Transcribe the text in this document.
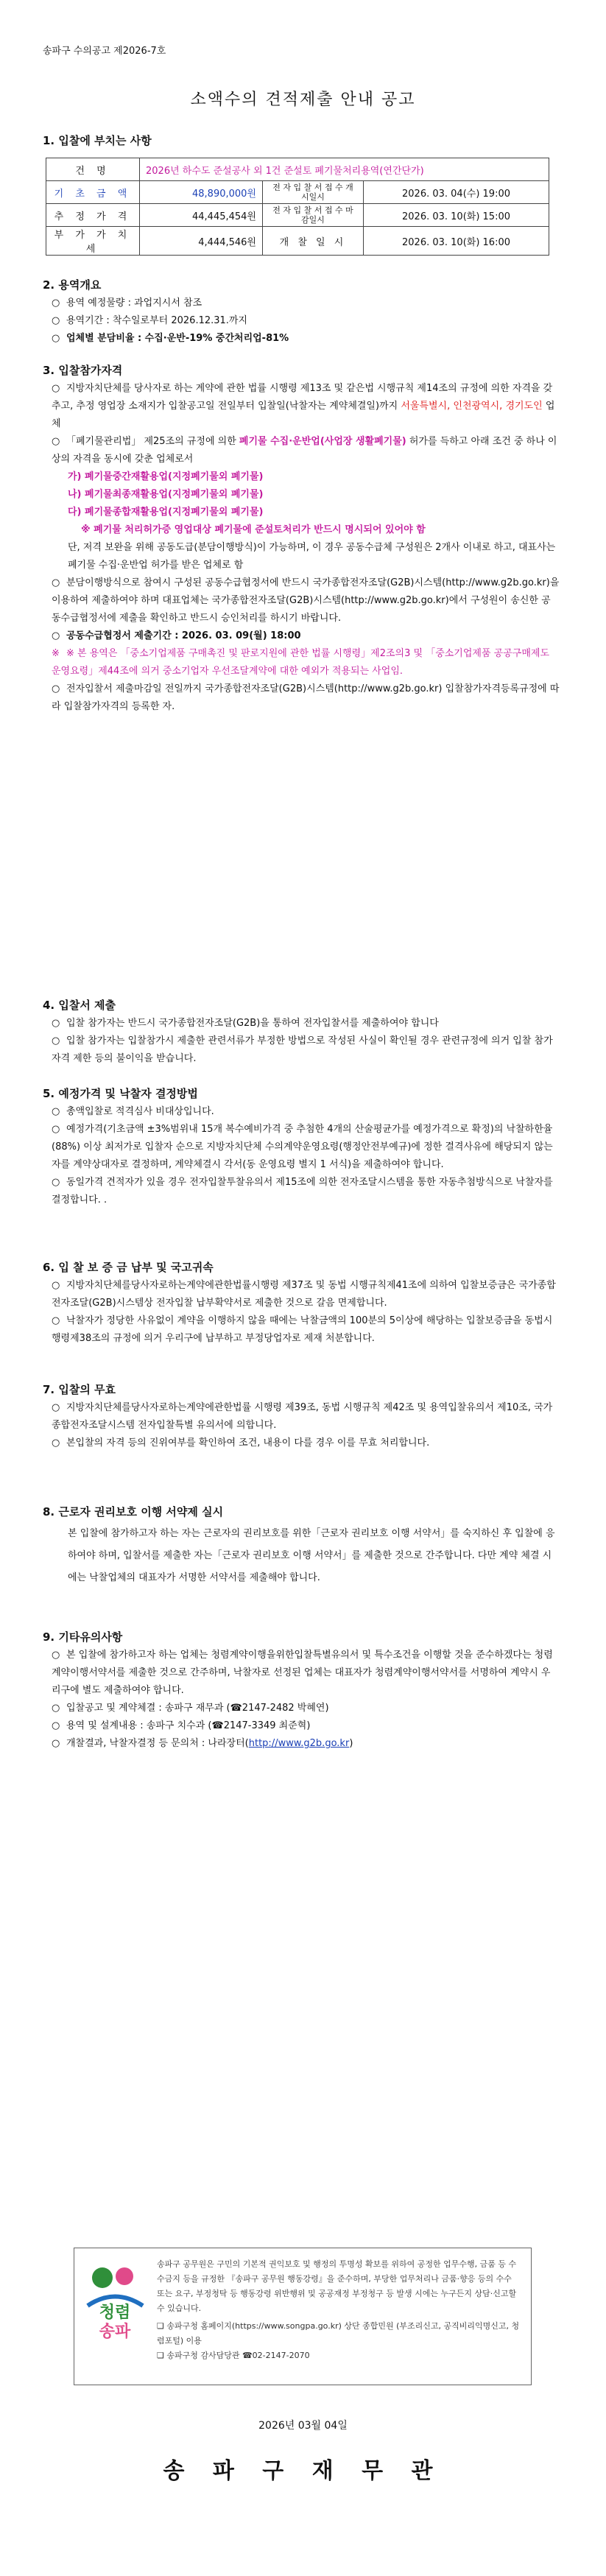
송파구 수의공고 제2026-7호
소액수의 견적제출 안내 공고
1. 입찰에 부치는 사항
건 명	2026년 하수도 준설공사 외 1건 준설토 폐기물처리용역(연간단가)		
기 초 금 액	48,890,000원	전 자 입 찰 서 접 수 개시일시	2026. 03. 04(수) 19:00
추 정 가 격	44,445,454원	전 자 입 찰 서 접 수 마감일시	2026. 03. 10(화) 15:00
부 가 가 치 세	4,444,546원	개 찰 일 시	2026. 03. 10(화) 16:00
2. 용역개요
○ 용역 예정물량 : 과업지시서 참조
○ 용역기간 : 착수일로부터 2026.12.31.까지
○ 업체별 분담비율 : 수집·운반-19% 중간처리업-81%
3. 입찰참가자격
○ 지방자치단체를 당사자로 하는 계약에 관한 법률 시행령 제13조 및 같은법 시행규칙 제14조의 규정에 의한 자격을 갖추고, 추정 영업장 소재지가 입찰공고일 전일부터 입찰일(낙찰자는 계약체결일)까지 서울특별시, 인천광역시, 경기도인 업체
○ 「폐기물관리법」 제25조의 규정에 의한 폐기물 수집·운반업(사업장 생활폐기물) 허가를 득하고 아래 조건 중 하나 이상의 자격을 동시에 갖춘 업체로서
가) 폐기물중간재활용업(지정폐기물외 폐기물)
나) 폐기물최종재활용업(지정폐기물외 폐기물)
다) 폐기물종합재활용업(지정폐기물외 폐기물)
※ 폐기물 처리허가증 영업대상 폐기물에 준설토처리가 반드시 명시되어 있어야 함
단, 저격 보완을 위해 공동도급(분담이행방식)이 가능하며, 이 경우 공동수급체 구성원은 2개사 이내로 하고, 대표사는 폐기물 수집·운반업 허가를 받은 업체로 함
○ 분담이행방식으로 참여시 구성된 공동수급협정서에 반드시 국가종합전자조달(G2B)시스템(http://www.g2b.go.kr)을 이용하여 제출하여야 하며 대표업체는 국가종합전자조달(G2B)시스템(http://www.g2b.go.kr)에서 구성원이 송신한 공동수급협정서에 제출을 확인하고 반드시 승인처리를 하시기 바랍니다.
○ 공동수급협정서 제출기간 : 2026. 03. 09(월) 18:00
※ ※ 본 용역은 「중소기업제품 구매촉진 및 판로지원에 관한 법률 시행령」제2조의3 및 「중소기업제품 공공구매제도 운영요령」제44조에 의거 중소기업자 우선조달계약에 대한 예외가 적용되는 사업임.
○ 전자입찰서 제출마감일 전일까지 국가종합전자조달(G2B)시스템(http://www.g2b.go.kr) 입찰참가자격등록규정에 따라 입찰참가자격의 등록한 자.
4. 입찰서 제출
○ 입찰 참가자는 반드시 국가종합전자조달(G2B)을 통하여 전자입찰서를 제출하여야 합니다
○ 입찰 참가자는 입찰참가시 제출한 관련서류가 부정한 방법으로 작성된 사실이 확인될 경우 관련규정에 의거 입찰 참가자격 제한 등의 불이익을 받습니다.
5. 예정가격 및 낙찰자 결정방법
○ 총액입찰로 적격심사 비대상입니다.
○ 예정가격(기초금액 ±3%범위내 15개 복수예비가격 중 추첨한 4개의 산술평균가를 예정가격으로 확정)의 낙찰하한율(88%) 이상 최저가로 입찰자 순으로 지방자치단체 수의계약운영요령(행정안전부예규)에 정한 결격사유에 해당되지 않는 자를 계약상대자로 결정하며, 계약체결시 각서(동 운영요령 별지 1 서식)을 제출하여야 합니다.
○ 동일가격 견적자가 있을 경우 전자입찰투찰유의서 제15조에 의한 전자조달시스템을 통한 자동추첨방식으로 낙찰자를 결정합니다. .
6. 입 찰 보 증 금 납부 및 국고귀속
○ 지방자치단체를당사자로하는계약에관한법률시행령 제37조 및 동법 시행규칙제41조에 의하여 입찰보증금은 국가종합전자조달(G2B)시스템상 전자입찰 납부확약서로 제출한 것으로 갈음 면제합니다.
○ 낙찰자가 정당한 사유없이 계약을 이행하지 않을 때에는 낙찰금액의 100분의 5이상에 해당하는 입찰보증금을 동법시행령제38조의 규정에 의거 우리구에 납부하고 부정당업자로 제재 처분합니다.
7. 입찰의 무효
○ 지방자치단체를당사자로하는계약에관한법률 시행령 제39조, 동법 시행규칙 제42조 및 용역입찰유의서 제10조, 국가종합전자조달시스템 전자입찰특별 유의서에 의합니다.
○ 본입찰의 자격 등의 진위여부를 확인하여 조건, 내용이 다를 경우 이를 무효 처리합니다.
8. 근로자 권리보호 이행 서약제 실시
본 입찰에 참가하고자 하는 자는 근로자의 권리보호를 위한「근로자 권리보호 이행 서약서」를 숙지하신 후 입찰에 응하여야 하며, 입찰서를 제출한 자는「근로자 권리보호 이행 서약서」를 제출한 것으로 간주합니다. 다만 계약 체결 시에는 낙찰업체의 대표자가 서명한 서약서를 제출해야 합니다.
9. 기타유의사항
○ 본 입찰에 참가하고자 하는 업체는 청렴계약이행을위한입찰특별유의서 및 특수조건을 이행할 것을 준수하겠다는 청렴계약이행서약서를 제출한 것으로 간주하며, 낙찰자로 선정된 업체는 대표자가 청렴계약이행서약서를 서명하여 계약시 우리구에 별도 제출하여야 합니다.
○ 입찰공고 및 계약체결 : 송파구 재무과 (☎2147-2482 박혜연)
○ 용역 및 설계내용 : 송파구 치수과 (☎2147-3349 최준혁)
○ 개찰결과, 낙찰자결정 등 문의처 : 나라장터(http://www.g2b.go.kr)
청렴
송파
송파구 공무원은 구민의 기본적 권익보호 및 행정의 투명성 확보를 위하여 공정한 업무수행, 금품 등 수수금지 등을 규정한 『송파구 공무원 행동강령』을 준수하며, 부당한 업무처리나 금품·향응 등의 수수 또는 요구, 부정청탁 등 행동강령 위반행위 및 공공재정 부정청구 등 발생 시에는 누구든지 상담·신고할 수 있습니다.
❏ 송파구청 홈페이지(https://www.songpa.go.kr) 상단 종합민원 (부조리신고, 공직비리익명신고, 청렴포털) 이용
❏ 송파구청 감사담당관 ☎02-2147-2070
2026년 03월 04일
송 파 구 재 무 관
